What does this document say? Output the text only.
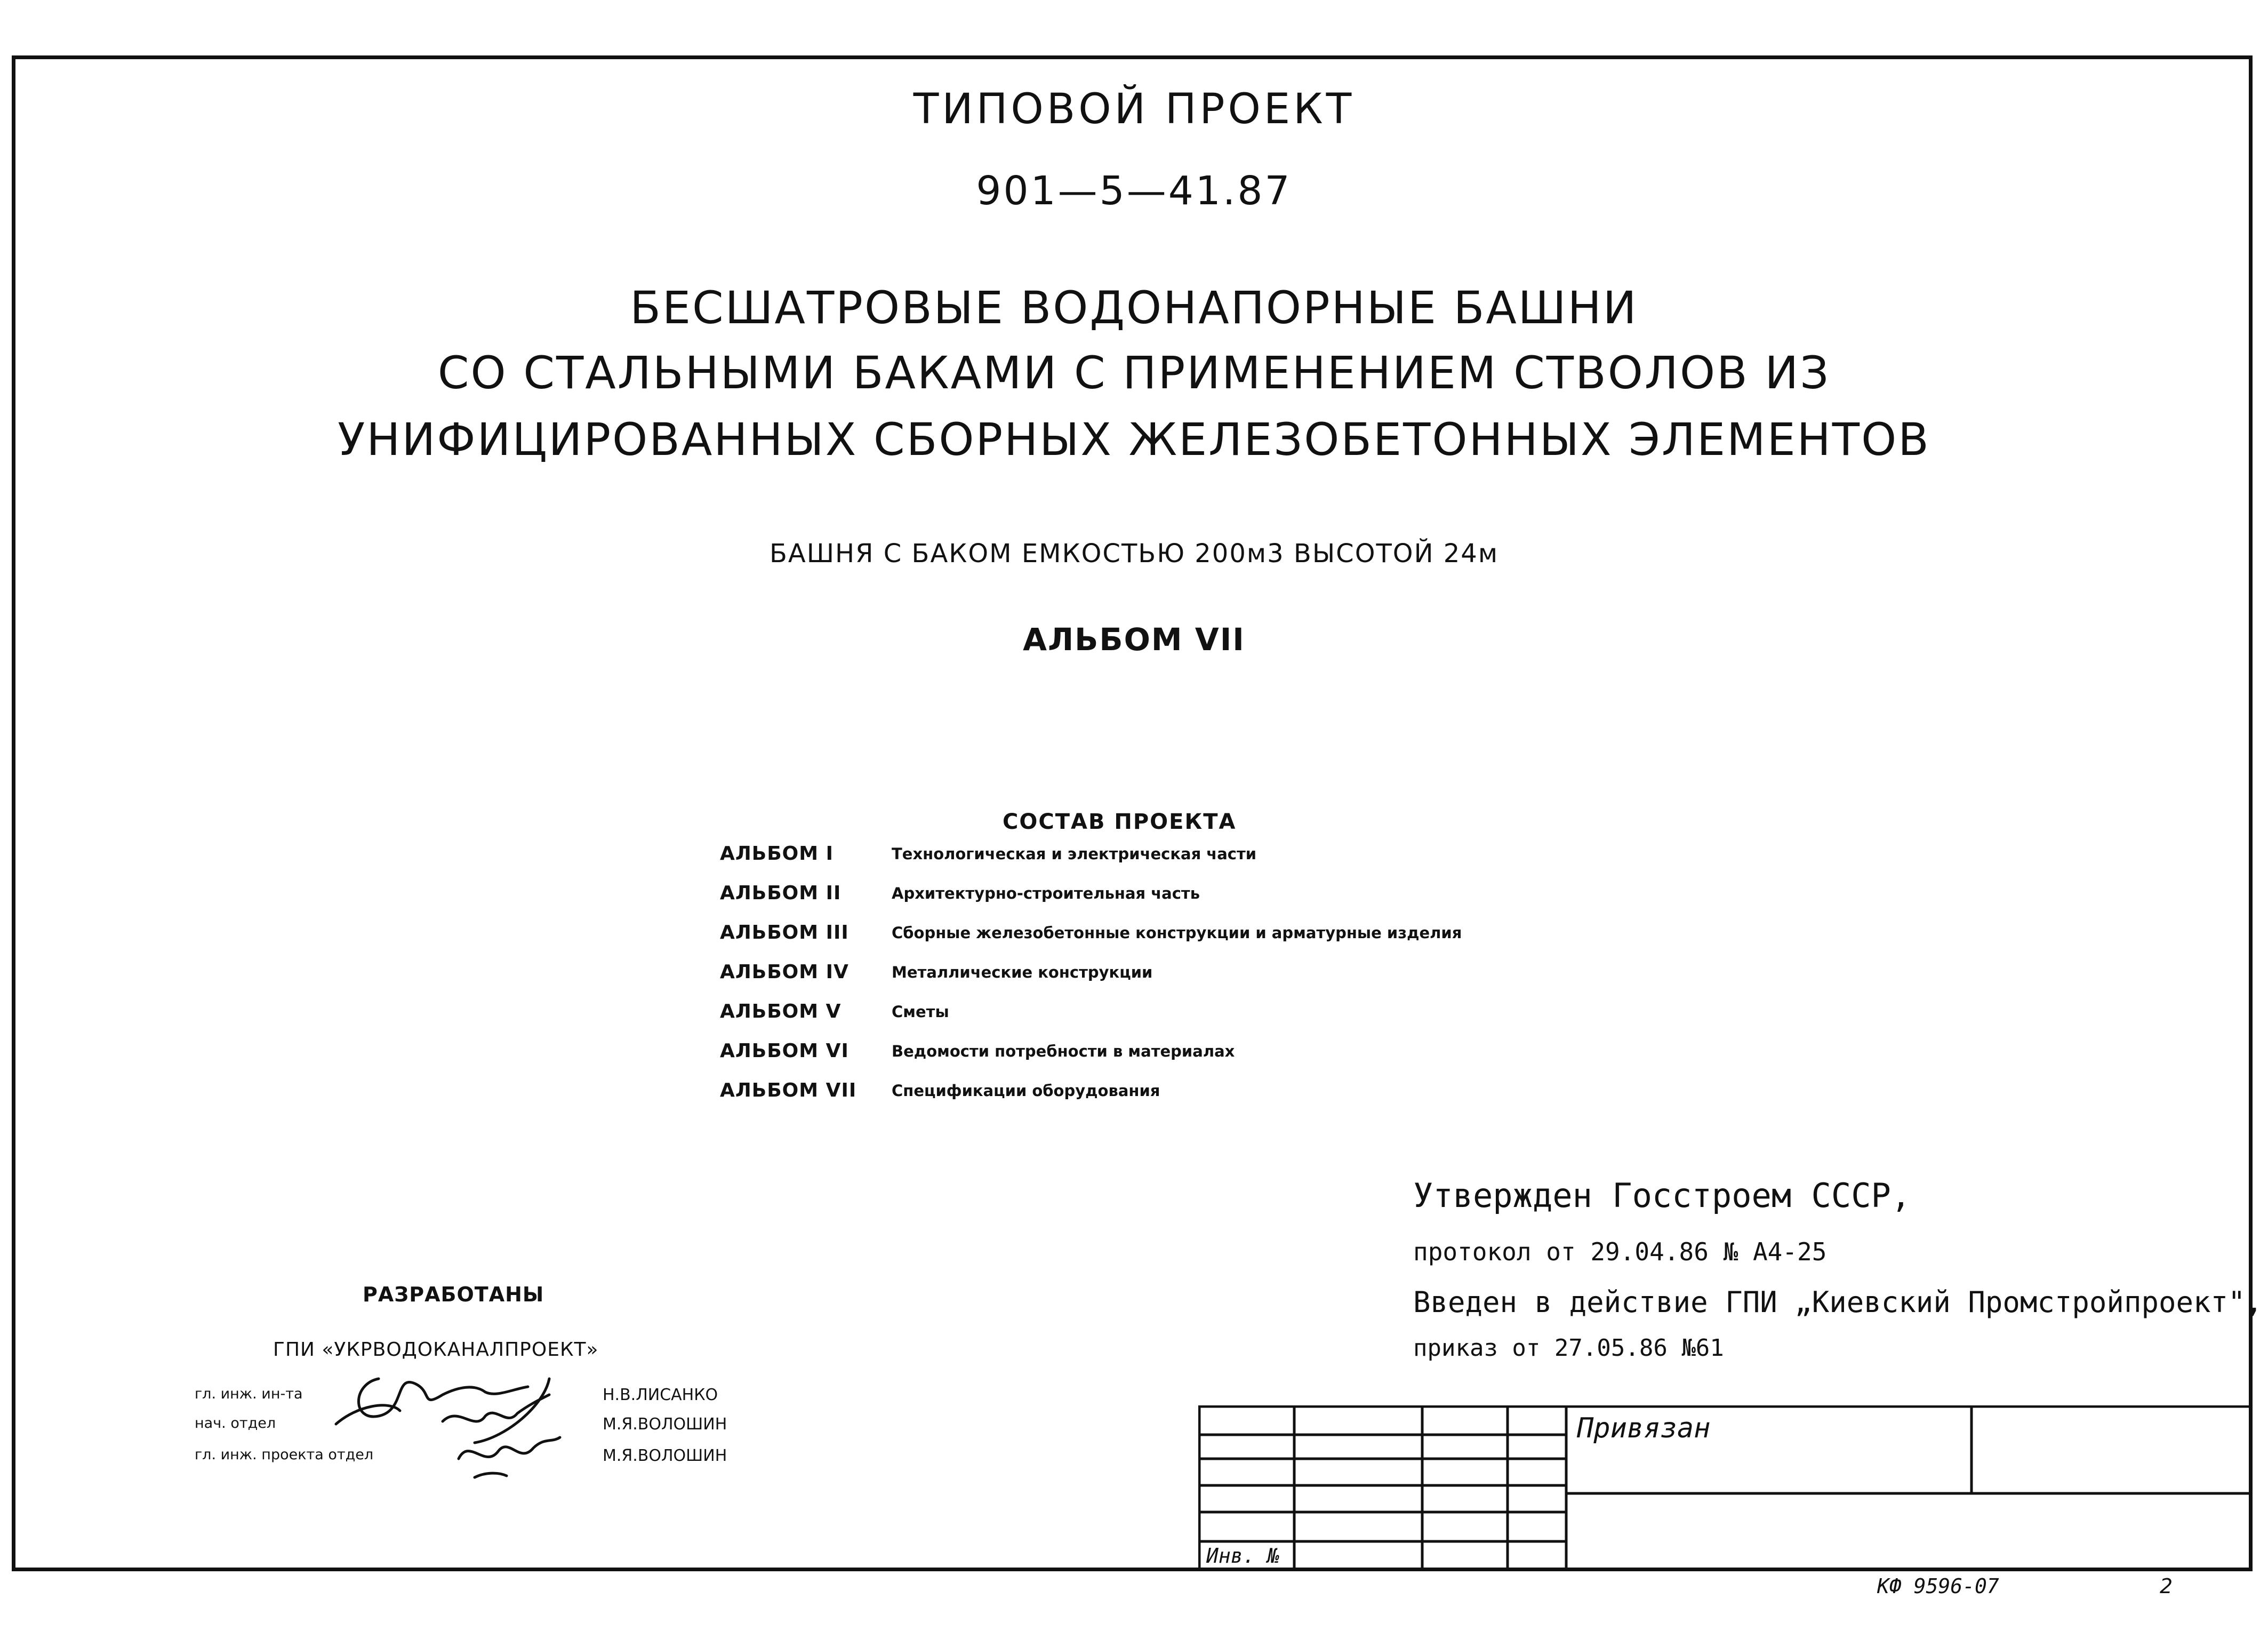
ТИПОВОЙ ПРОЕКТ
901—5—41.87
БЕСШАТРОВЫЕ ВОДОНАПОРНЫЕ БАШНИ
СО СТАЛЬНЫМИ БАКАМИ С ПРИМЕНЕНИЕМ СТВОЛОВ ИЗ
УНИФИЦИРОВАННЫХ СБОРНЫХ ЖЕЛЕЗОБЕТОННЫХ ЭЛЕМЕНТОВ
БАШНЯ С БАКОМ ЕМКОСТЬЮ 200м3 ВЫСОТОЙ 24м
АЛЬБОМ VII
СОСТАВ ПРОЕКТА
АЛЬБОМ I	Технологическая и электрическая части
АЛЬБОМ II	Архитектурно-строительная часть
АЛЬБОМ III	Сборные железобетонные конструкции и арматурные изделия
АЛЬБОМ IV	Металлические конструкции
АЛЬБОМ V	Сметы
АЛЬБОМ VI	Ведомости потребности в материалах
АЛЬБОМ VII Спецификации оборудования
Утвержден Госстроем СССР,
протокол от 29.04.86 № А4-25
Введен в действие ГПИ „Киевский Промстройпроект",
приказ от 27.05.86 №61
РАЗРАБОТАНЫ
ГПИ «УКРВОДОКАНАЛПРОЕКТ»
гл. инж. ин-та
нач. отдел
гл. инж. проекта отдел
Н.В.ЛИСАНКО
М.Я.ВОЛОШИН
М.Я.ВОЛОШИН
Привязан
Инв. №
КФ 9596-07	2
